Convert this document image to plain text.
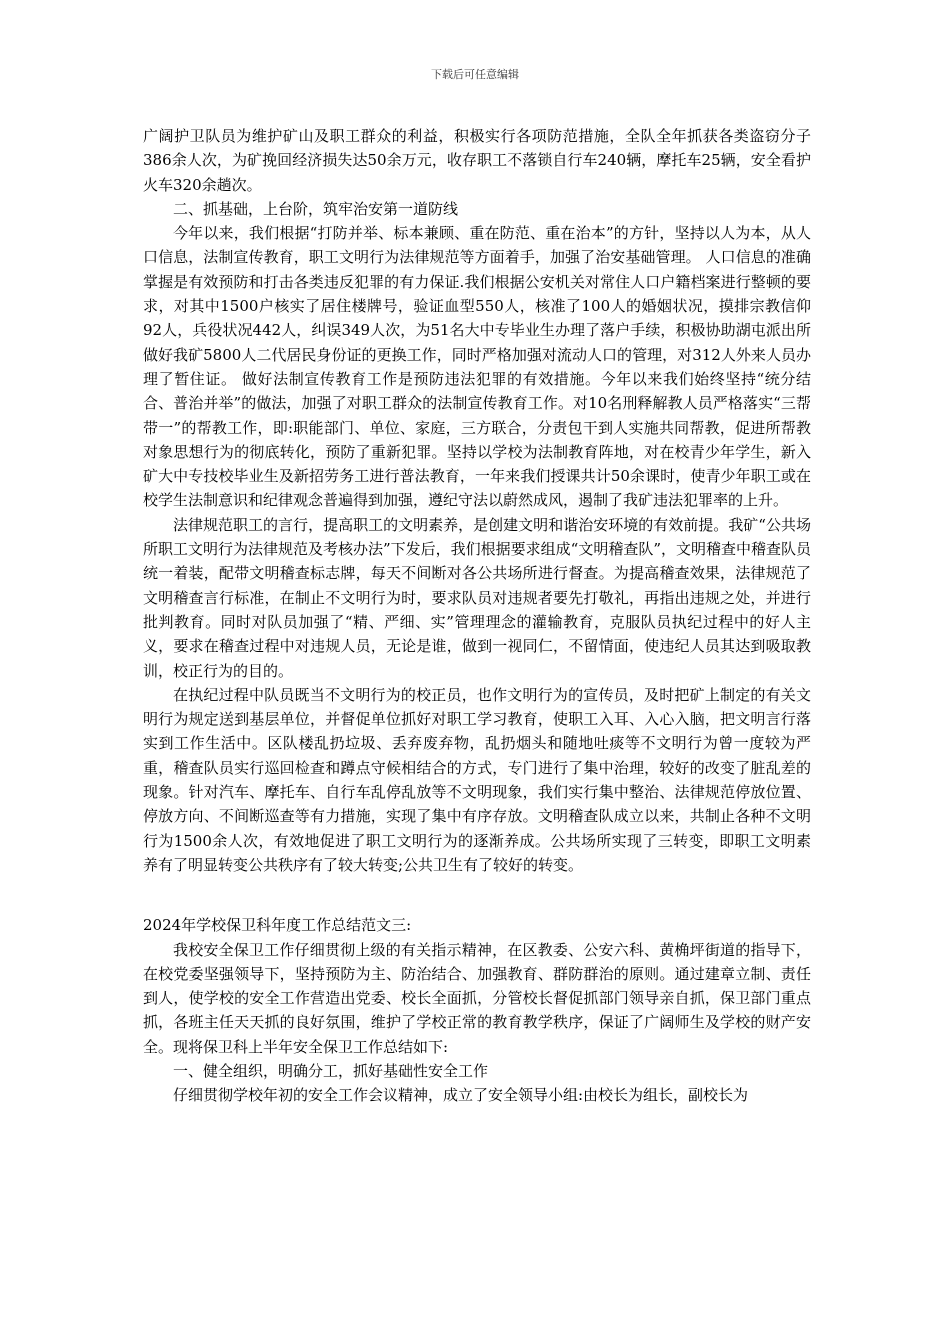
下载后可任意编辑

广阔护卫队员为维护矿山及职工群众的利益，积极实行各项防范措施，全队全年抓获各类盗窃分子386余人次，为矿挽回经济损失达50余万元，收存职工不落锁自行车240辆，摩托车25辆，安全看护火车320余趟次。

二、抓基础，上台阶，筑牢治安第一道防线

今年以来，我们根据“打防并举、标本兼顾、重在防范、重在治本”的方针，坚持以人为本，从人口信息，法制宣传教育，职工文明行为法律规范等方面着手，加强了治安基础管理。 人口信息的准确掌握是有效预防和打击各类违反犯罪的有力保证.我们根据公安机关对常住人口户籍档案进行整顿的要求，对其中1500户核实了居住楼牌号，验证血型550人，核准了100人的婚姻状况，摸排宗教信仰92人，兵役状况442人，纠误349人次，为51名大中专毕业生办理了落户手续，积极协助湖屯派出所做好我矿5800人二代居民身份证的更换工作，同时严格加强对流动人口的管理，对312人外来人员办理了暂住证。 做好法制宣传教育工作是预防违法犯罪的有效措施。今年以来我们始终坚持“统分结合、普治并举”的做法，加强了对职工群众的法制宣传教育工作。对10名刑释解教人员严格落实“三帮带一”的帮教工作，即:职能部门、单位、家庭，三方联合，分责包干到人实施共同帮教，促进所帮教对象思想行为的彻底转化，预防了重新犯罪。坚持以学校为法制教育阵地，对在校青少年学生，新入矿大中专技校毕业生及新招劳务工进行普法教育，一年来我们授课共计50余课时，使青少年职工或在校学生法制意识和纪律观念普遍得到加强，遵纪守法以蔚然成风，遏制了我矿违法犯罪率的上升。

法律规范职工的言行，提高职工的文明素养，是创建文明和谐治安环境的有效前提。我矿“公共场所职工文明行为法律规范及考核办法”下发后，我们根据要求组成“文明稽查队”，文明稽查中稽查队员统一着装，配带文明稽查标志牌，每天不间断对各公共场所进行督查。为提高稽查效果，法律规范了文明稽查言行标准，在制止不文明行为时，要求队员对违规者要先打敬礼，再指出违规之处，并进行批判教育。同时对队员加强了“精、严细、实”管理理念的灌输教育，克服队员执纪过程中的好人主义，要求在稽查过程中对违规人员，无论是谁，做到一视同仁，不留情面，使违纪人员其达到吸取教训，校正行为的目的。

在执纪过程中队员既当不文明行为的校正员，也作文明行为的宣传员，及时把矿上制定的有关文明行为规定送到基层单位，并督促单位抓好对职工学习教育，使职工入耳、入心入脑，把文明言行落实到工作生活中。区队楼乱扔垃圾、丢弃废弃物，乱扔烟头和随地吐痰等不文明行为曾一度较为严重，稽查队员实行巡回检查和蹲点守候相结合的方式，专门进行了集中治理，较好的改变了脏乱差的现象。针对汽车、摩托车、自行车乱停乱放等不文明现象，我们实行集中整治、法律规范停放位置、停放方向、不间断巡查等有力措施，实现了集中有序存放。文明稽查队成立以来，共制止各种不文明行为1500余人次，有效地促进了职工文明行为的逐渐养成。公共场所实现了三转变，即职工文明素养有了明显转变公共秩序有了较大转变;公共卫生有了较好的转变。

2024年学校保卫科年度工作总结范文三:

我校安全保卫工作仔细贯彻上级的有关指示精神，在区教委、公安六科、黄桷坪街道的指导下，在校党委坚强领导下，坚持预防为主、防治结合、加强教育、群防群治的原则。通过建章立制、责任到人，使学校的安全工作营造出党委、校长全面抓，分管校长督促抓部门领导亲自抓，保卫部门重点抓，各班主任天天抓的良好氛围，维护了学校正常的教育教学秩序，保证了广阔师生及学校的财产安全。现将保卫科上半年安全保卫工作总结如下:

一、健全组织，明确分工，抓好基础性安全工作

仔细贯彻学校年初的安全工作会议精神，成立了安全领导小组:由校长为组长，副校长为
